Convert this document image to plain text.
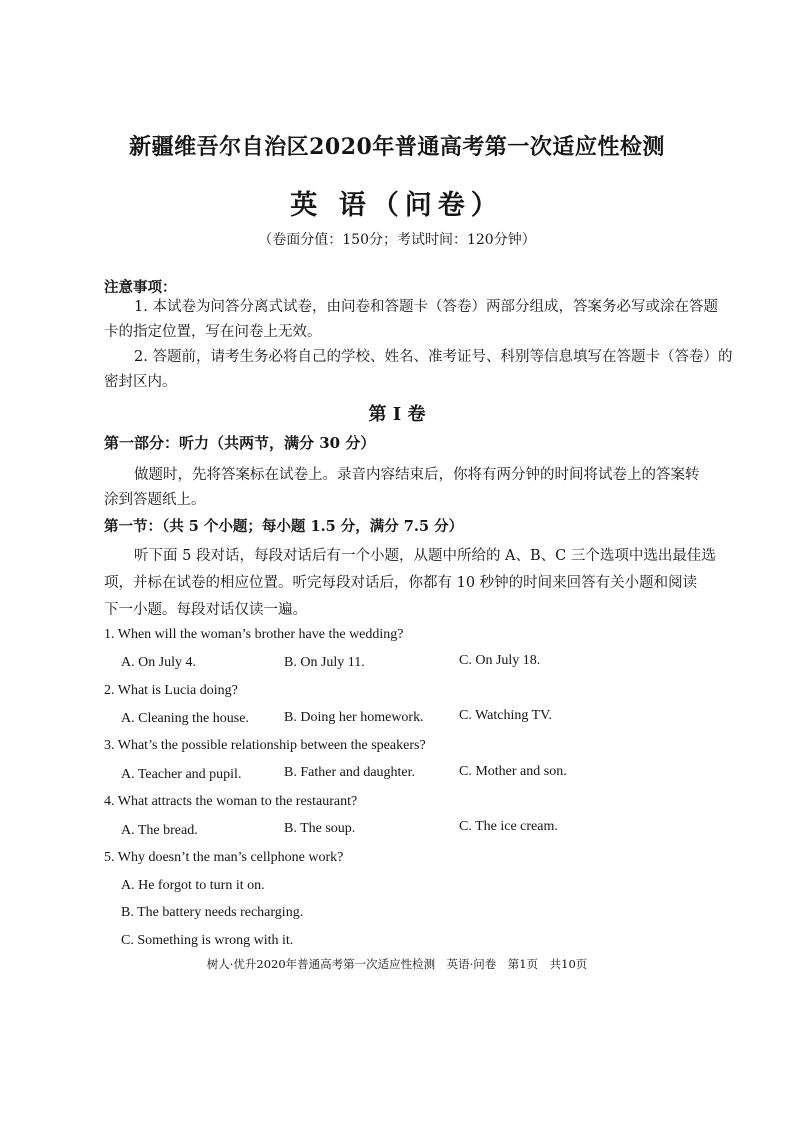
新疆维吾尔自治区2020年普通高考第一次适应性检测
英 语（问卷）
（卷面分值：150分；考试时间：120分钟）
注意事项：
1. 本试卷为问答分离式试卷，由问卷和答题卡（答卷）两部分组成，答案务必写或涂在答题
卡的指定位置，写在问卷上无效。
2. 答题前，请考生务必将自己的学校、姓名、准考证号、科别等信息填写在答题卡（答卷）的
密封区内。
第 Ⅰ 卷
第一部分：听力（共两节，满分 30 分）
做题时，先将答案标在试卷上。录音内容结束后，你将有两分钟的时间将试卷上的答案转
涂到答题纸上。
第一节：（共 5 个小题；每小题 1.5 分，满分 7.5 分）
听下面 5 段对话，每段对话后有一个小题，从题中所给的 A、B、C 三个选项中选出最佳选
项，并标在试卷的相应位置。听完每段对话后，你都有 10 秒钟的时间来回答有关小题和阅读
下一小题。每段对话仅读一遍。
1. When will the woman’s brother have the wedding?
A. On July 4.	B. On July 11.	C. On July 18.
2. What is Lucia doing?
A. Cleaning the house.	B. Doing her homework.	C. Watching TV.
3. What’s the possible relationship between the speakers?
A. Teacher and pupil.	B. Father and daughter.	C. Mother and son.
4. What attracts the woman to the restaurant?
A. The bread.	B. The soup.	C. The ice cream.
5. Why doesn’t the man’s cellphone work?
A. He forgot to turn it on.
B. The battery needs recharging.
C. Something is wrong with it.
树人·优升2020年普通高考第一次适应性检测　英语·问卷　第1页　共10页
